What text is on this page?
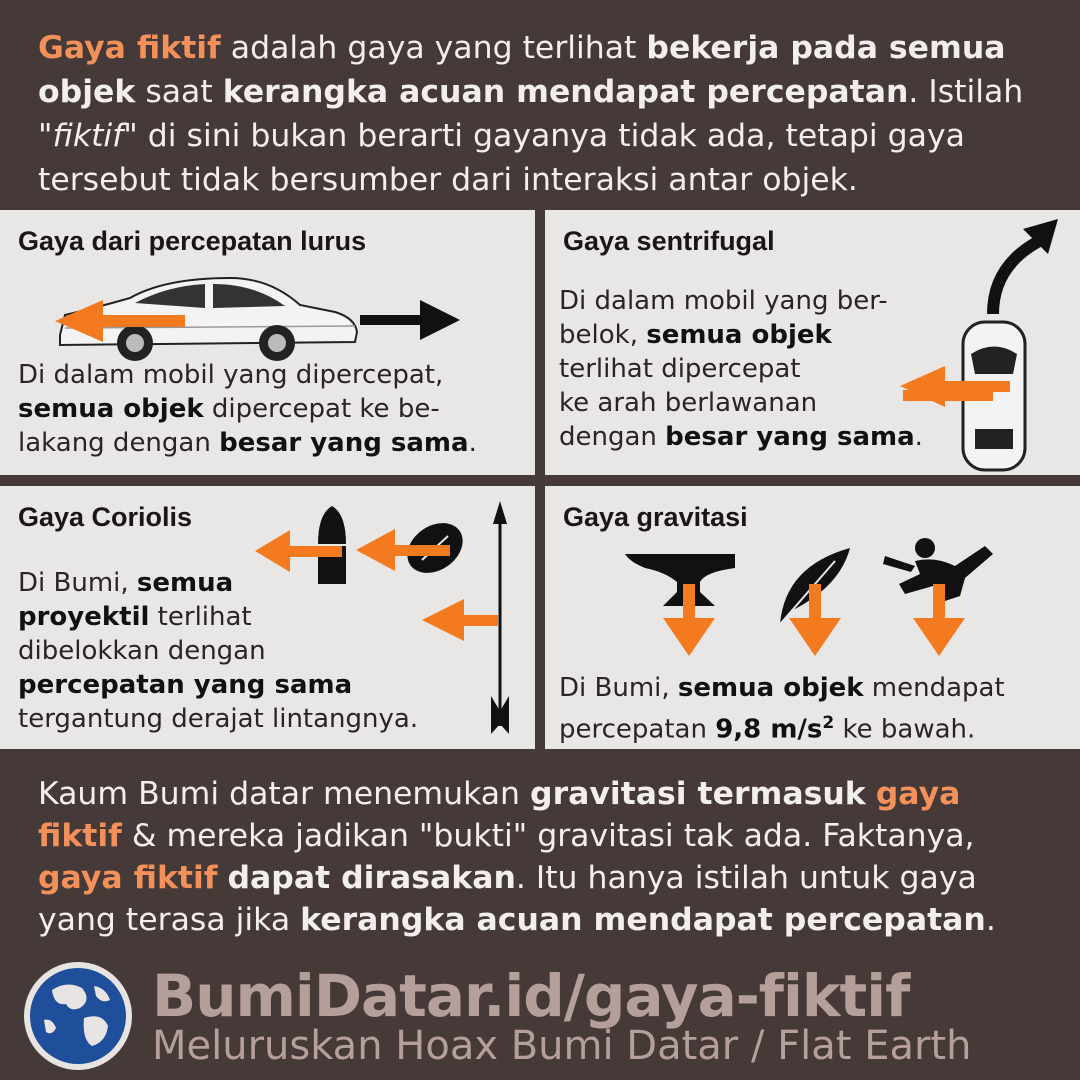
Gaya fiktif adalah gaya yang terlihat bekerja pada semua objek saat kerangka acuan mendapat percepatan. Istilah "fiktif" di sini bukan berarti gayanya tidak ada, tetapi gaya tersebut tidak bersumber dari interaksi antar objek.
Gaya dari percepatan lurus
Di dalam mobil yang dipercepat,
semua objek dipercepat ke be-
lakang dengan besar yang sama.
Gaya sentrifugal
Di dalam mobil yang ber-
belok, semua objek
terlihat dipercepat
ke arah berlawanan
dengan besar yang sama.
Gaya Coriolis
Di Bumi, semua
proyektil terlihat
dibelokkan dengan
percepatan yang sama
tergantung derajat lintangnya.
Gaya gravitasi
Di Bumi, semua objek mendapat
percepatan 9,8 $m/s^2$ ke bawah.
Kaum Bumi datar menemukan gravitasi termasuk gaya fiktif & mereka jadikan "bukti" gravitasi tak ada. Faktanya, gaya fiktif dapat dirasakan. Itu hanya istilah untuk gaya yang terasa jika kerangka acuan mendapat percepatan.
BumiDatar.id/gaya-fiktif
Meluruskan Hoax Bumi Datar / Flat Earth
